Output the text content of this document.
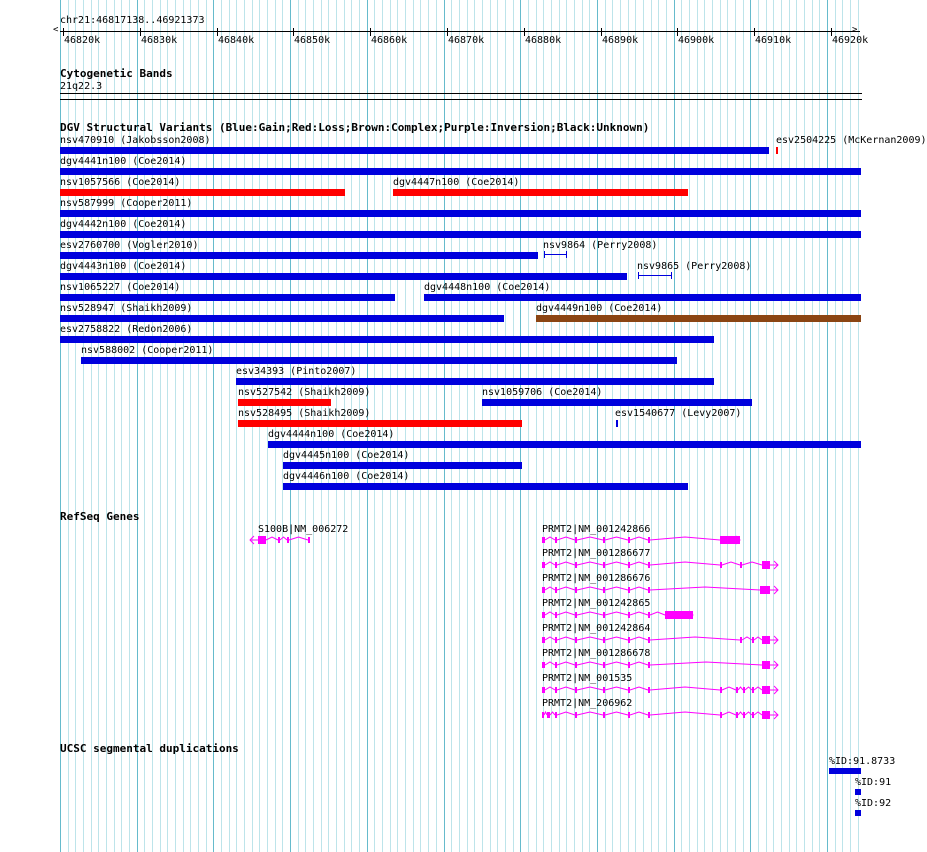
chr21:46817138..46921373
<	>
46820k	46830k	46840k	46850k	46860k	46870k	46880k	46890k	46900k	46910k	46920k
Cytogenetic Bands
21q22.3
DGV Structural Variants (Blue:Gain;Red:Loss;Brown:Complex;Purple:Inversion;Black:Unknown)
nsv470910 (Jakobsson2008)	esv2504225 (McKernan2009)
dgv4441n100 (Coe2014)
nsv1057566 (Coe2014)	dgv4447n100 (Coe2014)
nsv587999 (Cooper2011)
dgv4442n100 (Coe2014)
esv2760700 (Vogler2010)	nsv9864 (Perry2008)
dgv4443n100 (Coe2014)	nsv9865 (Perry2008)
nsv1065227 (Coe2014)	dgv4448n100 (Coe2014)
nsv528947 (Shaikh2009)	dgv4449n100 (Coe2014)
esv2758822 (Redon2006)
nsv588002 (Cooper2011)
esv34393 (Pinto2007)
nsv527542 (Shaikh2009)	nsv1059706 (Coe2014)
nsv528495 (Shaikh2009)	esv1540677 (Levy2007)
dgv4444n100 (Coe2014)
dgv4445n100 (Coe2014)
dgv4446n100 (Coe2014)
RefSeq Genes
S100B|NM_006272	PRMT2|NM_001242866
PRMT2|NM_001286677
PRMT2|NM_001286676
PRMT2|NM_001242865
PRMT2|NM_001242864
PRMT2|NM_001286678
PRMT2|NM_001535
PRMT2|NM_206962
UCSC segmental duplications
%ID:91.8733
%ID:91
%ID:92
